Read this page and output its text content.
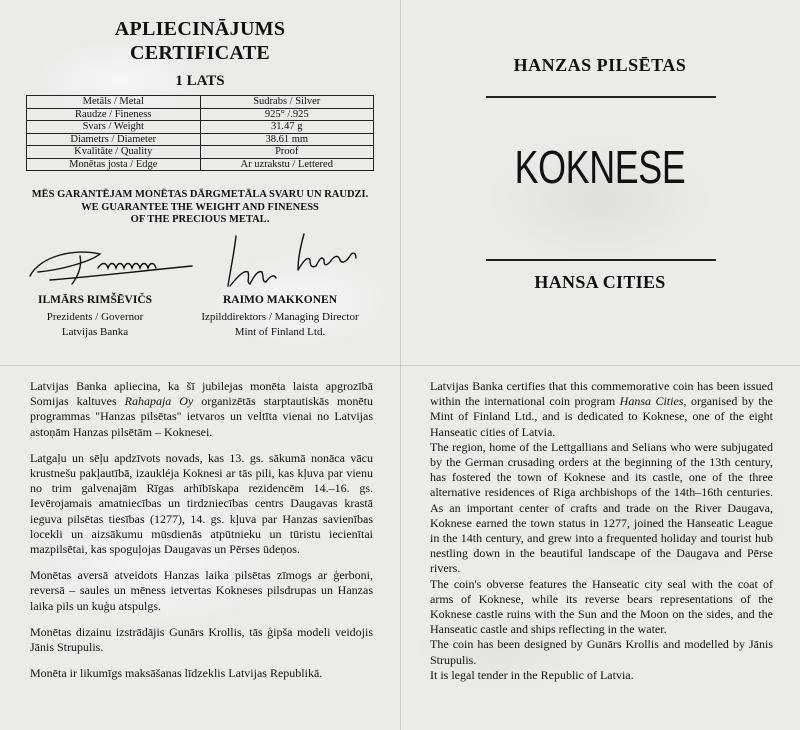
APLIECINĀJUMS
CERTIFICATE
1 LATS
Metāls / Metal	Sudrabs / Silver
Raudze / Fineness	925° /.925
Svars / Weight	31.47 g
Diametrs / Diameter	38.61 mm
Kvalitāte / Quality	Proof
Monētas josta / Edge	Ar uzrakstu / Lettered
MĒS GARANTĒJAM MONĒTAS DĀRGMETĀLA SVARU UN RAUDZI.
WE GUARANTEE THE WEIGHT AND FINENESS
OF THE PRECIOUS METAL.
ILMĀRS RIMŠĒVIČS
Prezidents / Governor
Latvijas Banka
RAIMO MAKKONEN
Izpilddirektors / Managing Director
Mint of Finland Ltd.
HANZAS PILSĒTAS
KOKNESE
HANSA CITIES

Latvijas Banka apliecina, ka šī jubilejas monēta laista apgrozībā Somijas kaltuves Rahapaja Oy organizētās starptautiskās monētu programmas "Hanzas pilsētas" ietvaros un veltīta vienai no Latvijas astoņām Hanzas pilsētām – Koknesei.

Latgaļu un sēļu apdzīvots novads, kas 13. gs. sākumā nonāca vācu krustnešu pakļautībā, izaukléja Koknesi ar tās pili, kas kļuva par vienu no trim galvenajām Rīgas arhībīskapa rezidencēm 14.–16. gs. Ievērojamais amatniecības un tirdzniecības centrs Daugavas krastā ieguva pilsētas tiesības (1277), 14. gs. kļuva par Hanzas savienības locekli un aizsākumu mūsdienās atpūtnieku un tūristu iecienītai mazpilsētai, kas spoguļojas Daugavas un Pērses ūdeņos.

Monētas aversā atveidots Hanzas laika pilsētas zīmogs ar ģerboni, reversā – saules un mēness ietvertas Kokneses pilsdrupas un Hanzas laika pils un kuģu atspulgs.

Monētas dizainu izstrādājis Gunārs Krollis, tās ģipša modeli veidojis Jānis Strupulis.

Monēta ir likumīgs maksāšanas līdzeklis Latvijas Republikā.

Latvijas Banka certifies that this commemorative coin has been issued within the international coin program Hansa Cities, organised by the Mint of Finland Ltd., and is dedicated to Koknese, one of the eight Hanseatic cities of Latvia.

The region, home of the Lettgallians and Selians who were subjugated by the German crusading orders at the beginning of the 13th century, has fostered the town of Koknese and its castle, one of the three alternative residences of Riga archbishops of the 14th–16th centuries. As an important center of crafts and trade on the River Daugava, Koknese earned the town status in 1277, joined the Hanseatic League in the 14th century, and grew into a frequented holiday and tourist hub nestling down in the beautiful landscape of the Daugava and Pērse rivers.

The coin's obverse features the Hanseatic city seal with the coat of arms of Koknese, while its reverse bears representations of the Koknese castle ruins with the Sun and the Moon on the sides, and the Hanseatic castle and ships reflecting in the water.

The coin has been designed by Gunārs Krollis and modelled by Jānis Strupulis.

It is legal tender in the Republic of Latvia.
